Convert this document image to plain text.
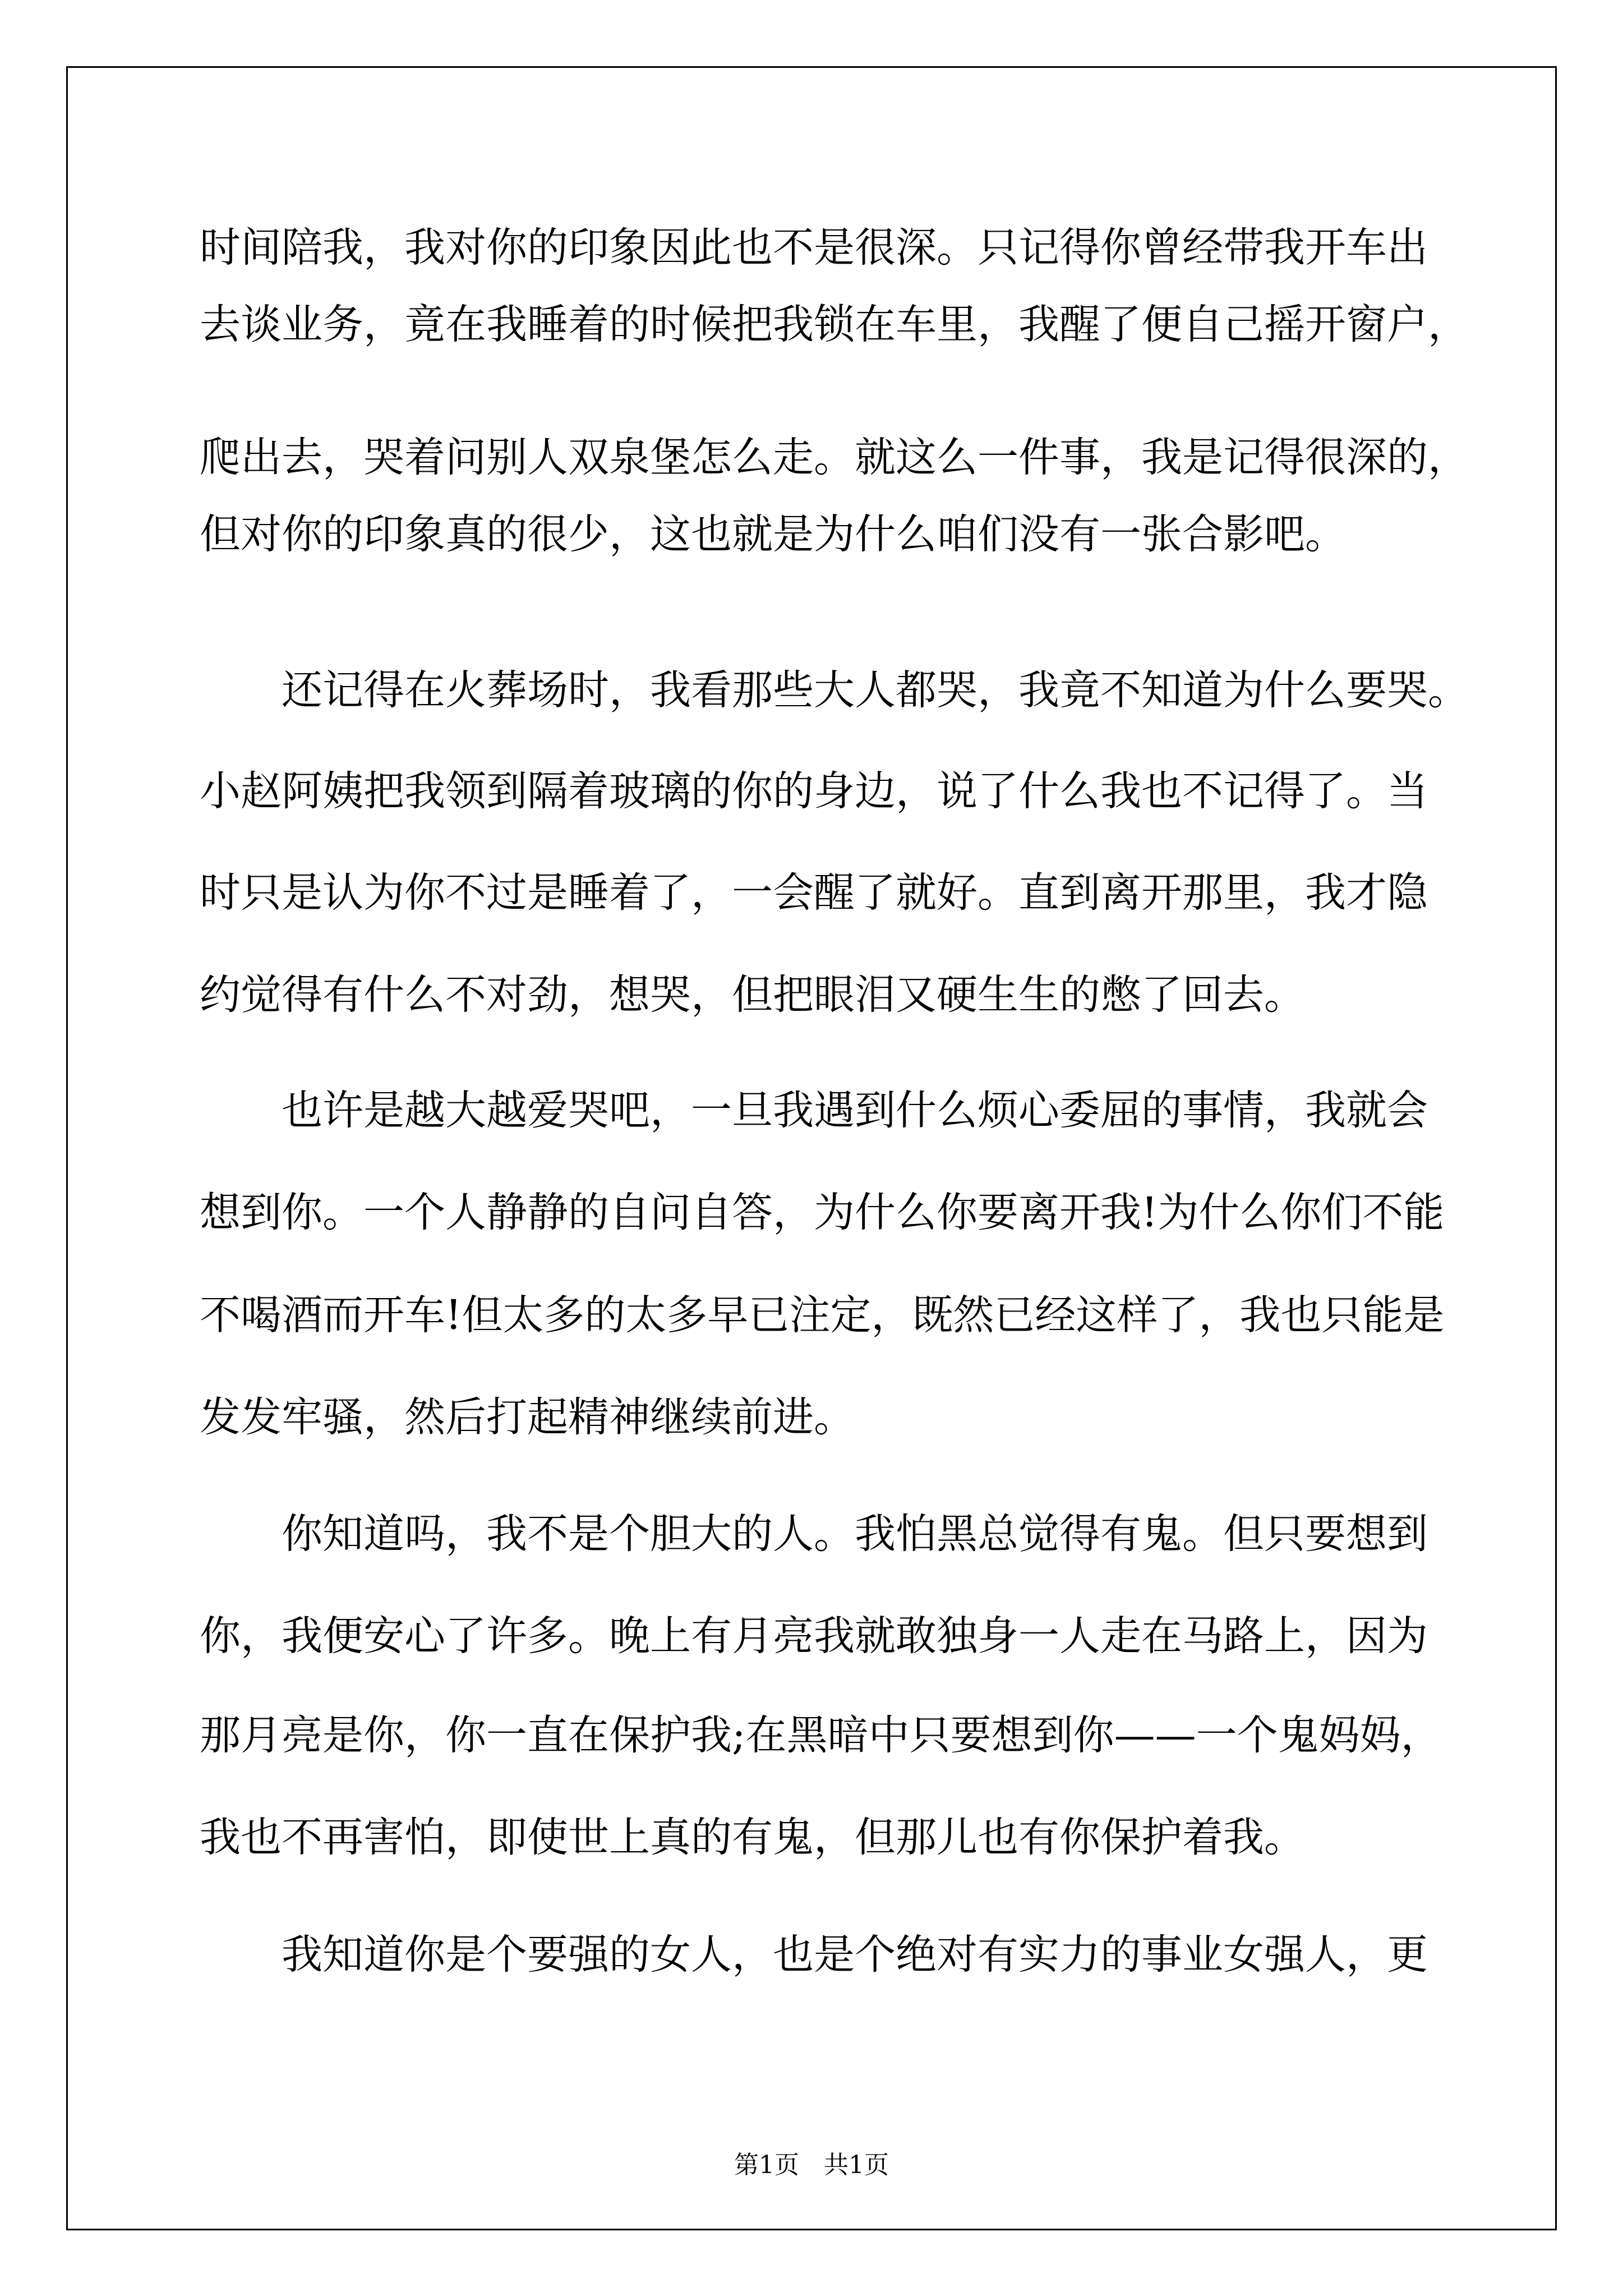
时间陪我，我对你的印象因此也不是很深。只记得你曾经带我开车出

去谈业务，竟在我睡着的时候把我锁在车里，我醒了便自己摇开窗户，

爬出去，哭着问别人双泉堡怎么走。就这么一件事，我是记得很深的，

但对你的印象真的很少，这也就是为什么咱们没有一张合影吧。

还记得在火葬场时，我看那些大人都哭，我竟不知道为什么要哭。

小赵阿姨把我领到隔着玻璃的你的身边，说了什么我也不记得了。当

时只是认为你不过是睡着了，一会醒了就好。直到离开那里，我才隐

约觉得有什么不对劲，想哭，但把眼泪又硬生生的憋了回去。

也许是越大越爱哭吧，一旦我遇到什么烦心委屈的事情，我就会

想到你。一个人静静的自问自答，为什么你要离开我!为什么你们不能

不喝酒而开车!但太多的太多早已注定，既然已经这样了，我也只能是

发发牢骚，然后打起精神继续前进。

你知道吗，我不是个胆大的人。我怕黑总觉得有鬼。但只要想到

你，我便安心了许多。晚上有月亮我就敢独身一人走在马路上，因为

那月亮是你，你一直在保护我;在黑暗中只要想到你——一个鬼妈妈，

我也不再害怕，即使世上真的有鬼，但那儿也有你保护着我。

我知道你是个要强的女人，也是个绝对有实力的事业女强人，更

第1页　共1页
